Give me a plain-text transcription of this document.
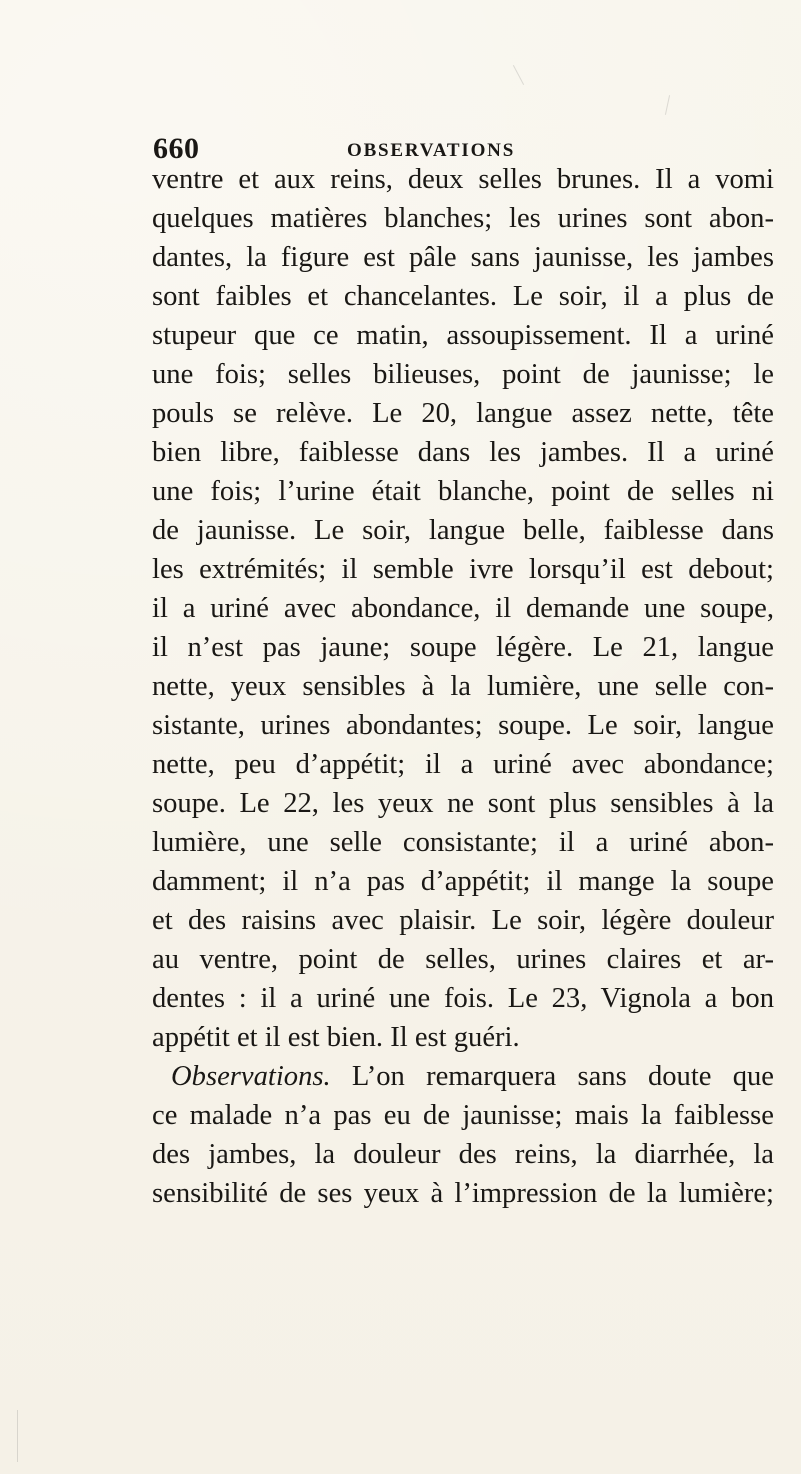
660	OBSERVATIONS
ventre et aux reins, deux selles brunes. Il a vomi
quelques matières blanches; les urines sont abon-
dantes, la figure est pâle sans jaunisse, les jambes
sont faibles et chancelantes. Le soir, il a plus de
stupeur que ce matin, assoupissement. Il a uriné
une fois; selles bilieuses, point de jaunisse; le
pouls se relève. Le 20, langue assez nette, tête
bien libre, faiblesse dans les jambes. Il a uriné
une fois; l’urine était blanche, point de selles ni
de jaunisse. Le soir, langue belle, faiblesse dans
les extrémités; il semble ivre lorsqu’il est debout;
il a uriné avec abondance, il demande une soupe,
il n’est pas jaune; soupe légère. Le 21, langue
nette, yeux sensibles à la lumière, une selle con-
sistante, urines abondantes; soupe. Le soir, langue
nette, peu d’appétit; il a uriné avec abondance;
soupe. Le 22, les yeux ne sont plus sensibles à la
lumière, une selle consistante; il a uriné abon-
damment; il n’a pas d’appétit; il mange la soupe
et des raisins avec plaisir. Le soir, légère douleur
au ventre, point de selles, urines claires et ar-
dentes : il a uriné une fois. Le 23, Vignola a bon
appétit et il est bien. Il est guéri.
Observations. L’on remarquera sans doute que
ce malade n’a pas eu de jaunisse; mais la faiblesse
des jambes, la douleur des reins, la diarrhée, la
sensibilité de ses yeux à l’impression de la lumière;
